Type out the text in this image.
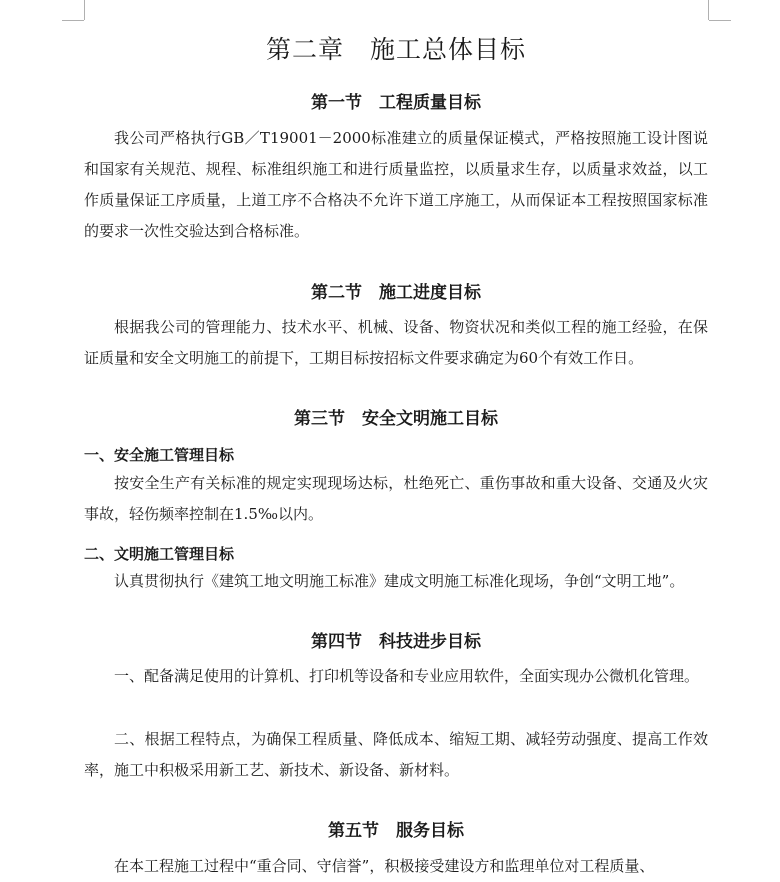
第二章　施工总体目标
第一节　工程质量目标
我公司严格执行GB／T19001－2000标准建立的质量保证模式，严格按照施工设计图说和国家有关规范、规程、标准组织施工和进行质量监控，以质量求生存，以质量求效益，以工作质量保证工序质量，上道工序不合格决不允许下道工序施工，从而保证本工程按照国家标准的要求一次性交验达到合格标准。
第二节　施工进度目标
根据我公司的管理能力、技术水平、机械、设备、物资状况和类似工程的施工经验，在保证质量和安全文明施工的前提下，工期目标按招标文件要求确定为60个有效工作日。
第三节　安全文明施工目标
一、安全施工管理目标
按安全生产有关标准的规定实现现场达标，杜绝死亡、重伤事故和重大设备、交通及火灾事故，轻伤频率控制在1.5‰以内。
二、文明施工管理目标
认真贯彻执行《建筑工地文明施工标准》建成文明施工标准化现场，争创“文明工地”。
第四节　科技进步目标
一、配备满足使用的计算机、打印机等设备和专业应用软件，全面实现办公微机化管理。
二、根据工程特点，为确保工程质量、降低成本、缩短工期、减轻劳动强度、提高工作效率，施工中积极采用新工艺、新技术、新设备、新材料。
第五节　服务目标
在本工程施工过程中“重合同、守信誉”，积极接受建设方和监理单位对工程质量、
